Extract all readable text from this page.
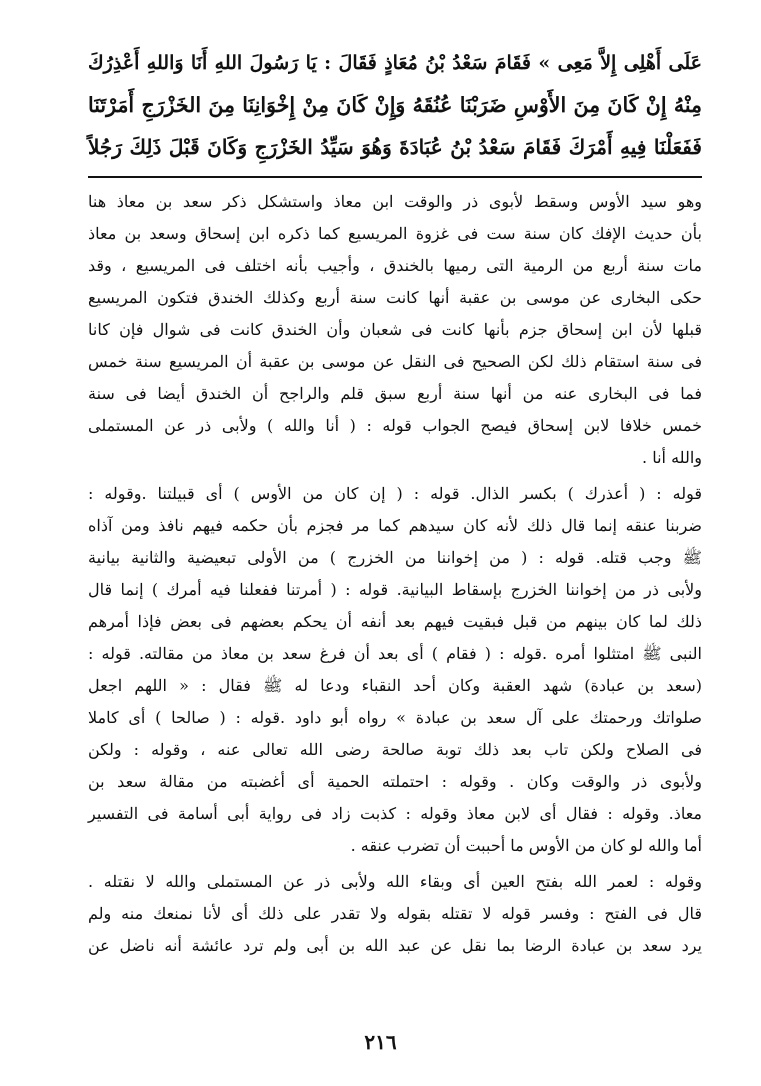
عَلَى أَهْلِى إِلاَّ مَعِى » فَقَامَ سَعْدُ بْنُ مُعَاذٍ فَقَالَ : يَا رَسُولَ اللهِ أَنَا وَاللهِ أَعْذِرُكَ
مِنْهُ إِنْ كَانَ مِنَ الأَوْسِ ضَرَبْنَا عُنُقَهُ وَإِنْ كَانَ مِنْ إِخْوَانِنَا مِنَ الخَزْرَجِ أَمَرْتَنَا
فَفَعَلْنَا فِيهِ أَمْرَكَ فَقَامَ سَعْدُ بْنُ عُبَادَةَ وَهُوَ سَيِّدُ الخَزْرَجِ وَكَانَ قَبْلَ ذَلِكَ رَجُلاً
وهو سيد الأوس وسقط لأبوى ذر والوقت ابن معاذ واستشكل ذكر سعد بن معاذ هنا
بأن حديث الإفك كان سنة ست فى غزوة المريسيع كما ذكره ابن إسحاق وسعد بن معاذ
مات سنة أربع من الرمية التى رميها بالخندق ، وأجيب بأنه اختلف فى المريسيع ، وقد
حكى البخارى عن موسى بن عقبة أنها كانت سنة أربع وكذلك الخندق فتكون المريسيع
قبلها لأن ابن إسحاق جزم بأنها كانت فى شعبان وأن الخندق كانت فى شوال فإن كانا
فى سنة استقام ذلك لكن الصحيح فى النقل عن موسى بن عقبة أن المريسيع سنة خمس
فما فى البخارى عنه من أنها سنة أربع سبق قلم والراجح أن الخندق أيضا فى سنة
خمس خلافا لابن إسحاق فيصح الجواب قوله : ( أنا والله ) ولأبى ذر عن المستملى
والله أنا .
قوله : ( أعذرك ) بكسر الذال. قوله : ( إن كان من الأوس ) أى قبيلتنا .وقوله :
ضربنا عنقه إنما قال ذلك لأنه كان سيدهم كما مر فجزم بأن حكمه فيهم نافذ ومن آذاه
ﷺ وجب قتله. قوله : ( من إخواننا من الخزرج ) من الأولى تبعيضية والثانية بيانية
ولأبى ذر من إخواننا الخزرج بإسقاط البيانية. قوله : ( أمرتنا ففعلنا فيه أمرك ) إنما قال
ذلك لما كان بينهم من قبل فبقيت فيهم بعد أنفه أن يحكم بعضهم فى بعض فإذا أمرهم
النبى ﷺ امتثلوا أمره .قوله : ( فقام ) أى بعد أن فرغ سعد بن معاذ من مقالته. قوله :
(سعد بن عبادة) شهد العقبة وكان أحد النقباء ودعا له ﷺ فقال : « اللهم اجعل
صلواتك ورحمتك على آل سعد بن عبادة » رواه أبو داود .قوله : ( صالحا ) أى كاملا
فى الصلاح ولكن تاب بعد ذلك توبة صالحة رضى الله تعالى عنه ، وقوله : ولكن
ولأبوى ذر والوقت وكان . وقوله : احتملته الحمية أى أغضبته من مقالة سعد بن
معاذ. وقوله : فقال أى لابن معاذ وقوله : كذبت زاد فى رواية أبى أسامة فى التفسير
أما والله لو كان من الأوس ما أحببت أن تضرب عنقه .
وقوله : لعمر الله بفتح العين أى وبقاء الله ولأبى ذر عن المستملى والله لا نقتله .
قال فى الفتح : وفسر قوله لا تقتله بقوله ولا تقدر على ذلك أى لأنا نمنعك منه ولم
يرد سعد بن عبادة الرضا بما نقل عن عبد الله بن أبى ولم ترد عائشة أنه ناضل عن
٢١٦
